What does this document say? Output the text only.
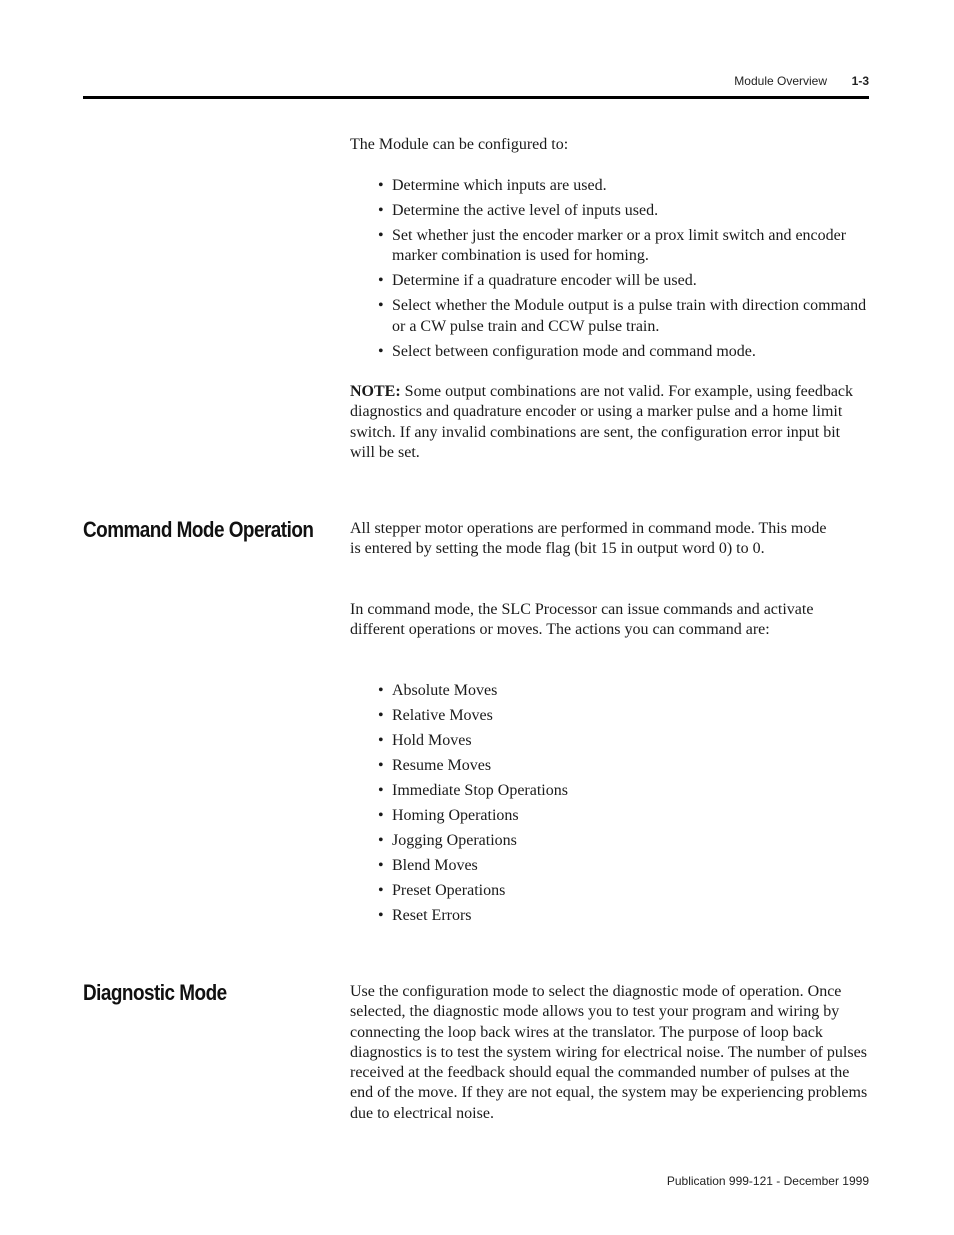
Module Overview 1-3

The Module can be configured to:

• Determine which inputs are used.
• Determine the active level of inputs used.
• Set whether just the encoder marker or a prox limit switch and encoder marker combination is used for homing.
• Determine if a quadrature encoder will be used.
• Select whether the Module output is a pulse train with direction command or a CW pulse train and CCW pulse train.
• Select between configuration mode and command mode.

NOTE: Some output combinations are not valid. For example, using feedback diagnostics and quadrature encoder or using a marker pulse and a home limit switch. If any invalid combinations are sent, the configuration error input bit will be set.

Command Mode Operation All stepper motor operations are performed in command mode. This mode is entered by setting the mode flag (bit 15 in output word 0) to 0.

In command mode, the SLC Processor can issue commands and activate different operations or moves. The actions you can command are:

• Absolute Moves
• Relative Moves
• Hold Moves
• Resume Moves
• Immediate Stop Operations
• Homing Operations
• Jogging Operations
• Blend Moves
• Preset Operations
• Reset Errors
Diagnostic Mode	Use the configuration mode to select the diagnostic mode of operation. Once selected, the diagnostic mode allows you to test your program and wiring by connecting the loop back wires at the translator. The purpose of loop back diagnostics is to test the system wiring for electrical noise. The number of pulses received at the feedback should equal the commanded number of pulses at the end of the move. If they are not equal, the system may be experiencing problems due to electrical noise.

Publication 999-121 - December 1999
